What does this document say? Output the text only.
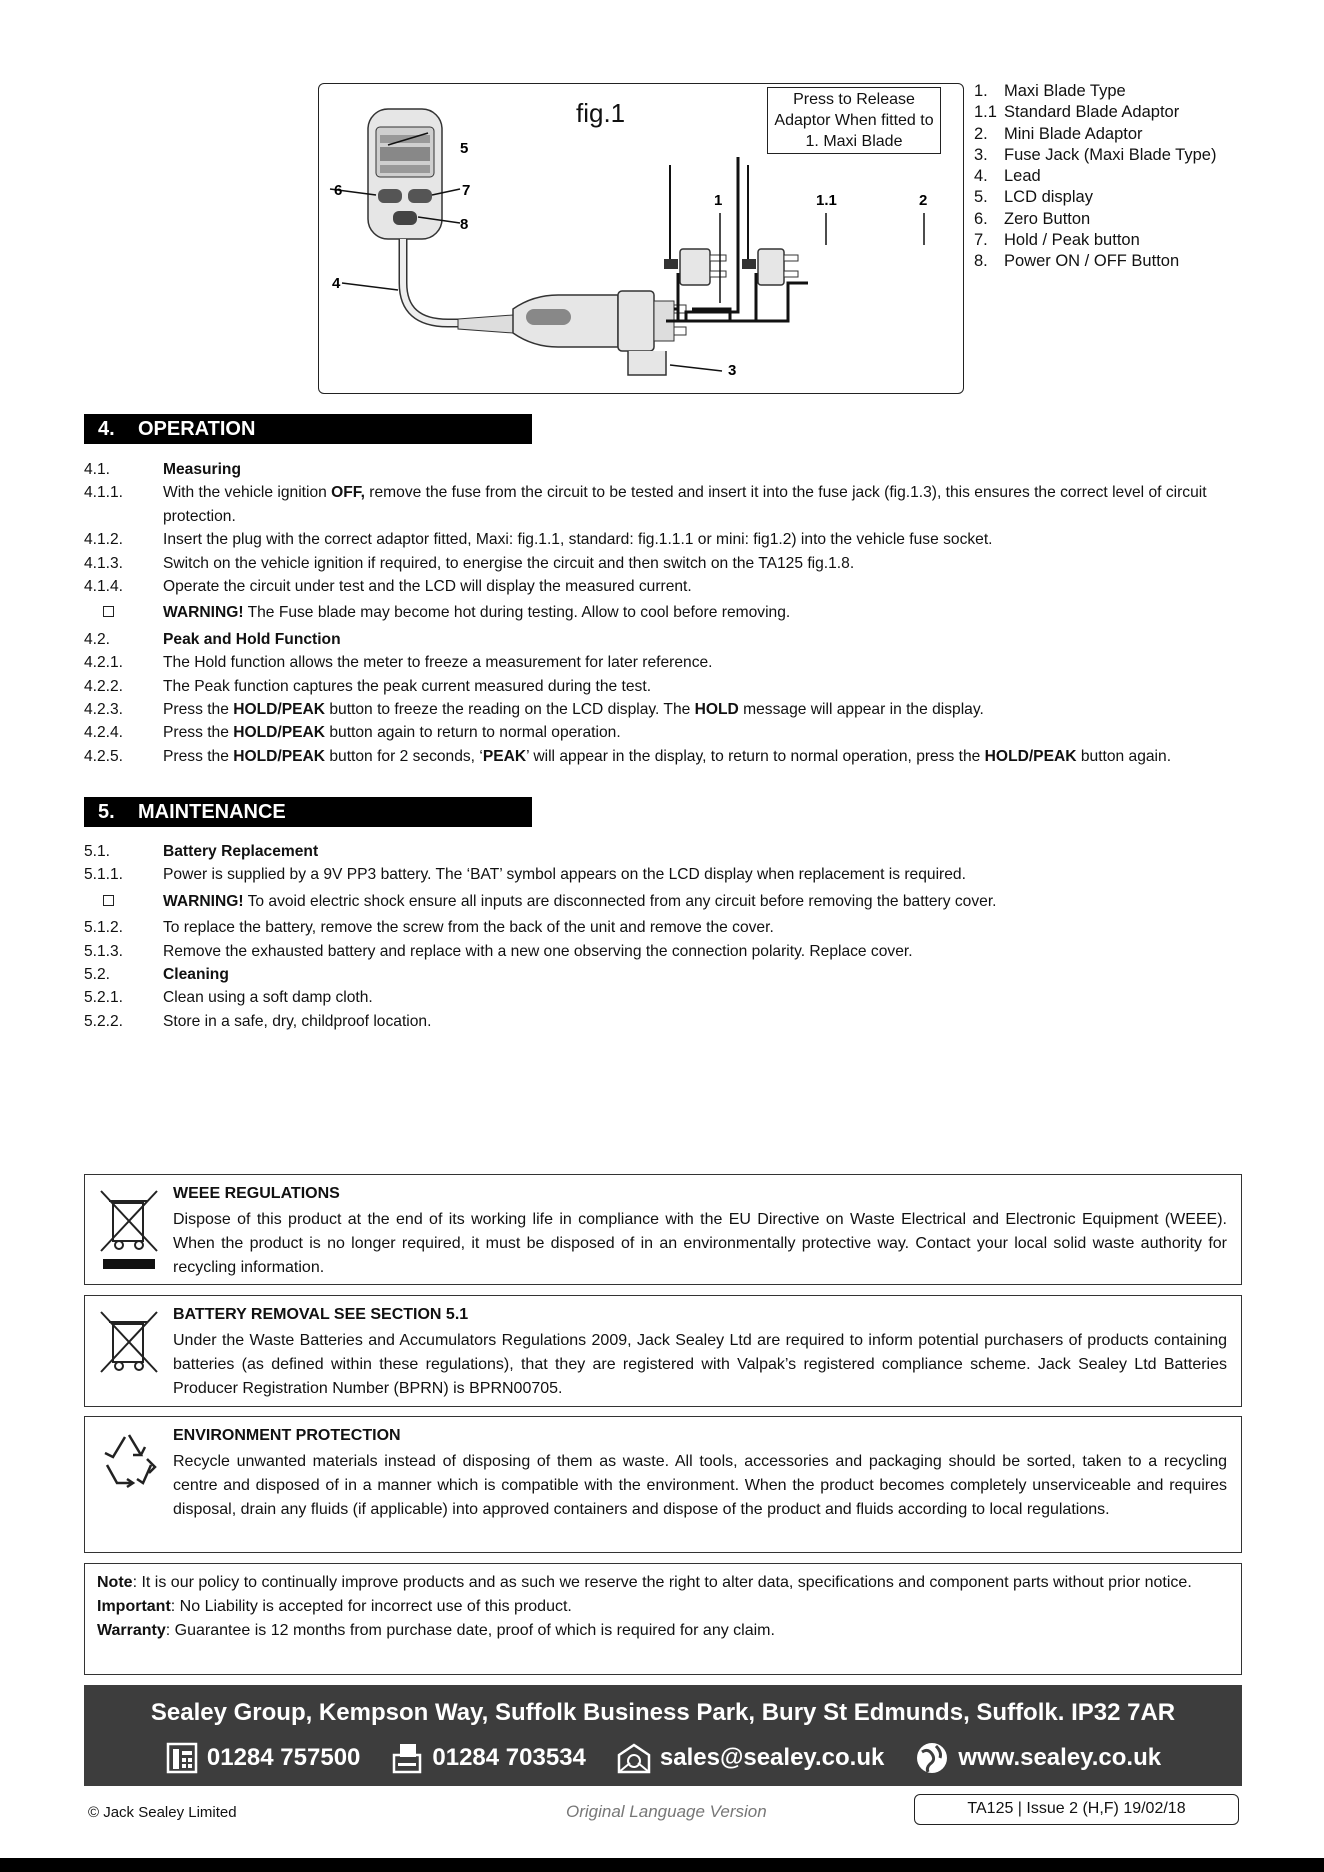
5
6	7
8
4
1	1.1	2
3
fig.1	Press to Release Adaptor When fitted to 1. Maxi Blade
1. Maxi Blade Type
1.1 Standard Blade Adaptor
2. Mini Blade Adaptor
3. Fuse Jack (Maxi Blade Type)
4. Lead
5. LCD display
6. Zero Button
7. Hold / Peak button
8. Power ON / OFF Button
4. OPERATION
4.1.	Measuring
4.1.1.	With the vehicle ignition OFF, remove the fuse from the circuit to be tested and insert it into the fuse jack (fig.1.3), this ensures the correct level of circuit protection.
4.1.2.	Insert the plug with the correct adaptor fitted, Maxi: fig.1.1, standard: fig.1.1.1 or mini: fig1.2) into the vehicle fuse socket.
4.1.3.	Switch on the vehicle ignition if required, to energise the circuit and then switch on the TA125 fig.1.8.
4.1.4.	Operate the circuit under test and the LCD will display the measured current.
WARNING! The Fuse blade may become hot during testing. Allow to cool before removing.
4.2.	Peak and Hold Function
4.2.1.	The Hold function allows the meter to freeze a measurement for later reference.
4.2.2.	The Peak function captures the peak current measured during the test.
4.2.3.	Press the HOLD/PEAK button to freeze the reading on the LCD display. The HOLD message will appear in the display.
4.2.4.	Press the HOLD/PEAK button again to return to normal operation.
4.2.5.	Press the HOLD/PEAK button for 2 seconds, ‘PEAK’ will appear in the display, to return to normal operation, press the HOLD/PEAK button again.
5. MAINTENANCE
5.1.	Battery Replacement
5.1.1.	Power is supplied by a 9V PP3 battery. The ‘BAT’ symbol appears on the LCD display when replacement is required.
WARNING! To avoid electric shock ensure all inputs are disconnected from any circuit before removing the battery cover.
5.1.2.	To replace the battery, remove the screw from the back of the unit and remove the cover.
5.1.3.	Remove the exhausted battery and replace with a new one observing the connection polarity. Replace cover.
5.2.	Cleaning
5.2.1.	Clean using a soft damp cloth.
5.2.2.	Store in a safe, dry, childproof location.
WEEE REGULATIONS
Dispose of this product at the end of its working life in compliance with the EU Directive on Waste Electrical and Electronic Equipment (WEEE). When the product is no longer required, it must be disposed of in an environmentally protective way. Contact your local solid waste authority for recycling information.
BATTERY REMOVAL SEE SECTION 5.1
Under the Waste Batteries and Accumulators Regulations 2009, Jack Sealey Ltd are required to inform potential purchasers of products containing batteries (as defined within these regulations), that they are registered with Valpak’s registered compliance scheme. Jack Sealey Ltd Batteries Producer Registration Number (BPRN) is BPRN00705.
ENVIRONMENT PROTECTION
Recycle unwanted materials instead of disposing of them as waste. All tools, accessories and packaging should be sorted, taken to a recycling centre and disposed of in a manner which is compatible with the environment. When the product becomes completely unserviceable and requires disposal, drain any fluids (if applicable) into approved containers and dispose of the product and fluids according to local regulations.
Note: It is our policy to continually improve products and as such we reserve the right to alter data, specifications and component parts without prior notice.
Important: No Liability is accepted for incorrect use of this product.
Warranty: Guarantee is 12 months from purchase date, proof of which is required for any claim.
Sealey Group, Kempson Way, Suffolk Business Park, Bury St Edmunds, Suffolk. IP32 7AR
01284 757500	01284 703534	sales@sealey.co.uk	www.sealey.co.uk
© Jack Sealey Limited	Original Language Version	TA125 | Issue 2 (H,F) 19/02/18
